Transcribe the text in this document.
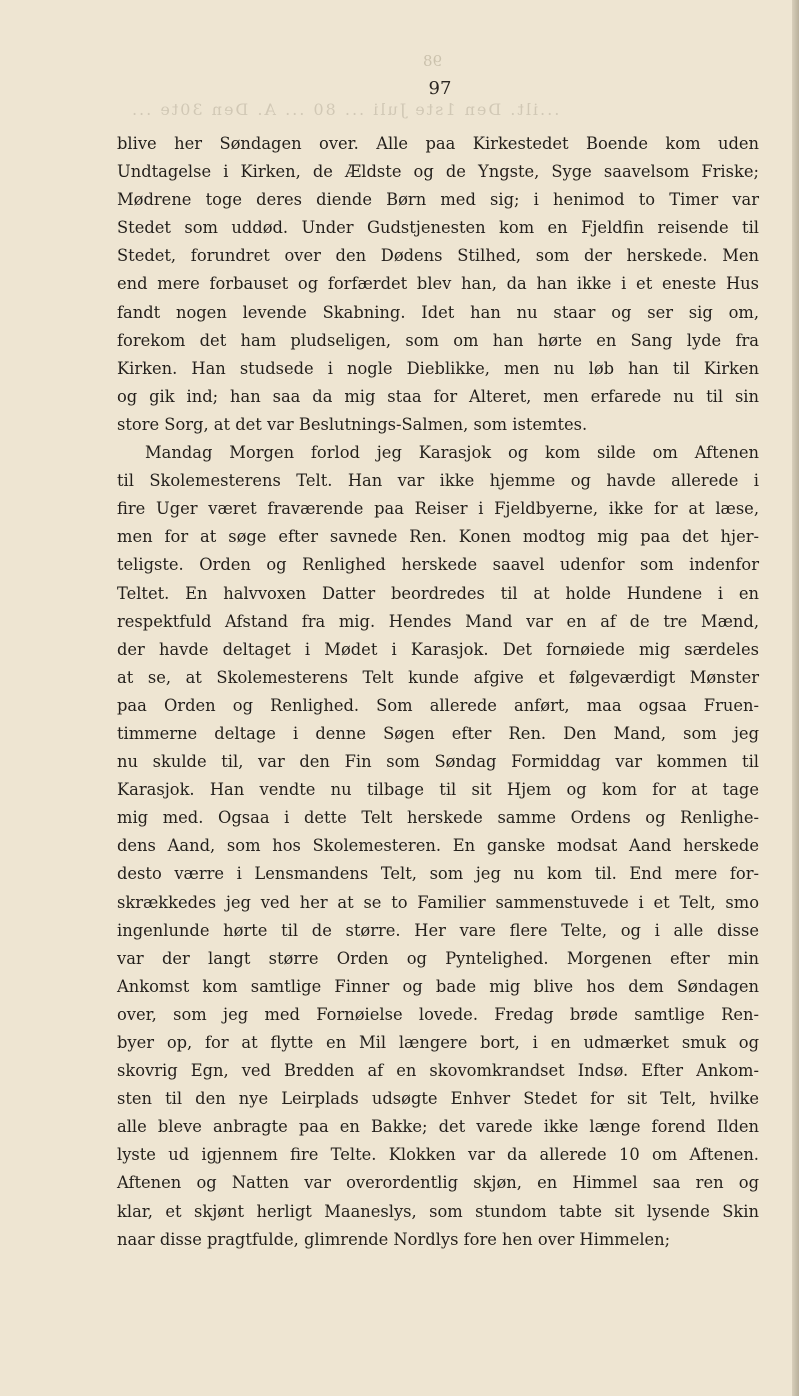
...ilt. Den 1ste Juli ... 80 ... A. Den 30te ...
98
97
blive her Søndagen over. Alle paa Kirkestedet Boende kom uden
Undtagelse i Kirken, de Ældste og de Yngste, Syge saavelsom Friske;
Mødrene toge deres diende Børn med sig; i henimod to Timer var
Stedet som uddød. Under Gudstjenesten kom en Fjeldfin reisende til
Stedet, forundret over den Dødens Stilhed, som der herskede. Men
end mere forbauset og forfærdet blev han, da han ikke i et eneste Hus
fandt nogen levende Skabning. Idet han nu staar og ser sig om,
forekom det ham pludseligen, som om han hørte en Sang lyde fra
Kirken. Han studsede i nogle Dieblikke, men nu løb han til Kirken
og gik ind; han saa da mig staa for Alteret, men erfarede nu til sin
store Sorg, at det var Beslutnings-Salmen, som istemtes.
Mandag Morgen forlod jeg Karasjok og kom silde om Aftenen
til Skolemesterens Telt. Han var ikke hjemme og havde allerede i
fire Uger været fraværende paa Reiser i Fjeldbyerne, ikke for at læse,
men for at søge efter savnede Ren. Konen modtog mig paa det hjer-
teligste. Orden og Renlighed herskede saavel udenfor som indenfor
Teltet. En halvvoxen Datter beordredes til at holde Hundene i en
respektfuld Afstand fra mig. Hendes Mand var en af de tre Mænd,
der havde deltaget i Mødet i Karasjok. Det fornøiede mig særdeles
at se, at Skolemesterens Telt kunde afgive et følgeværdigt Mønster
paa Orden og Renlighed. Som allerede anført, maa ogsaa Fruen-
timmerne deltage i denne Søgen efter Ren. Den Mand, som jeg
nu skulde til, var den Fin som Søndag Formiddag var kommen til
Karasjok. Han vendte nu tilbage til sit Hjem og kom for at tage
mig med. Ogsaa i dette Telt herskede samme Ordens og Renlighe-
dens Aand, som hos Skolemesteren. En ganske modsat Aand herskede
desto værre i Lensmandens Telt, som jeg nu kom til. End mere for-
skrækkedes jeg ved her at se to Familier sammenstuvede i et Telt, smo
ingenlunde hørte til de større. Her vare flere Telte, og i alle disse
var der langt større Orden og Pyntelighed. Morgenen efter min
Ankomst kom samtlige Finner og bade mig blive hos dem Søndagen
over, som jeg med Fornøielse lovede. Fredag brøde samtlige Ren-
byer op, for at flytte en Mil længere bort, i en udmærket smuk og
skovrig Egn, ved Bredden af en skovomkrandset Indsø. Efter Ankom-
sten til den nye Leirplads udsøgte Enhver Stedet for sit Telt, hvilke
alle bleve anbragte paa en Bakke; det varede ikke længe forend Ilden
lyste ud igjennem fire Telte. Klokken var da allerede 10 om Aftenen.
Aftenen og Natten var overordentlig skjøn, en Himmel saa ren og
klar, et skjønt herligt Maaneslys, som stundom tabte sit lysende Skin
naar disse pragtfulde, glimrende Nordlys fore hen over Himmelen;
